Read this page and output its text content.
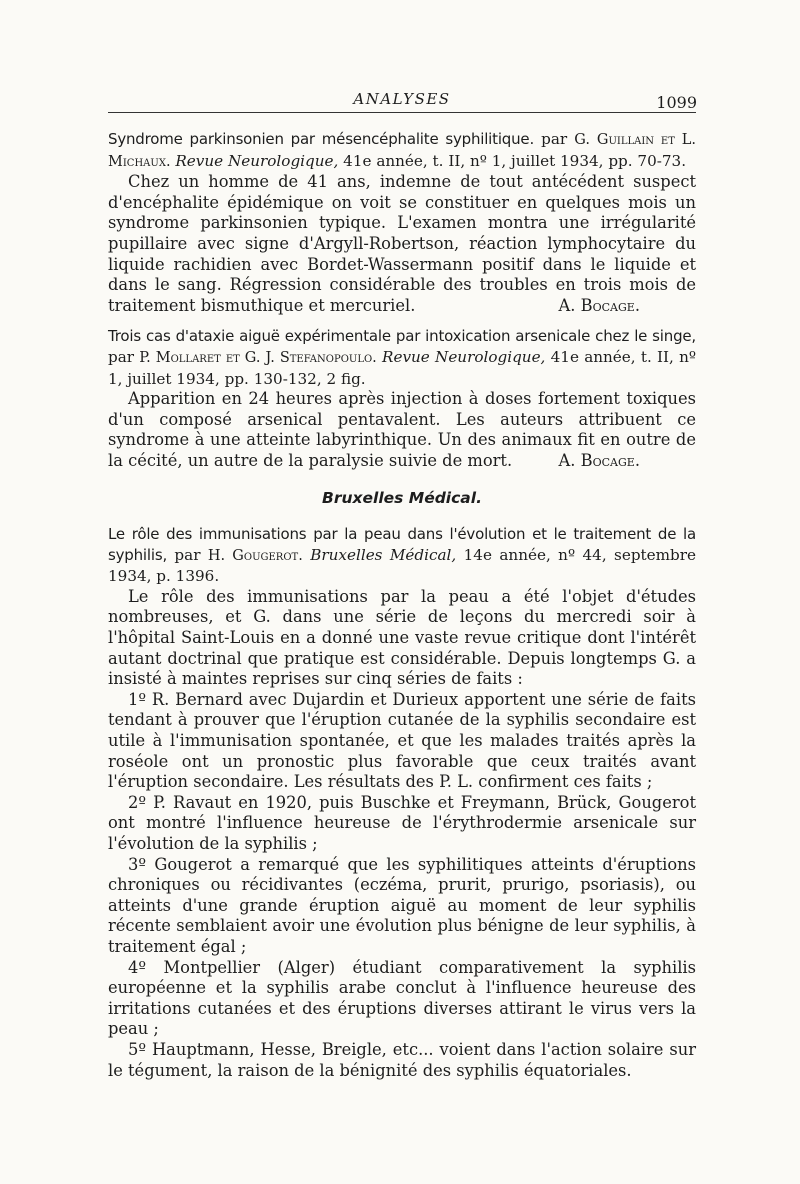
ANALYSES	1099

Syndrome parkinsonien par mésencéphalite syphilitique. par G. Guillain et L. Michaux. Revue Neurologique, 41e année, t. II, nº 1, juillet 1934, pp. 70-73.

Chez un homme de 41 ans, indemne de tout antécédent suspect d'encéphalite épidémique on voit se constituer en quelques mois un syndrome parkinsonien typique. L'examen montra une irrégularité pupillaire avec signe d'Argyll-Robertson, réaction lymphocytaire du liquide rachidien avec Bordet-Wassermann positif dans le liquide et dans le sang. Régression considérable des troubles en trois mois de traitement bismuthique et mercuriel.	A. Bocage.

Trois cas d'ataxie aiguë expérimentale par intoxication arsenicale chez le singe, par P. Mollaret et G. J. Stefanopoulo. Revue Neurologique, 41e année, t. II, nº 1, juillet 1934, pp. 130-132, 2 fig.

Apparition en 24 heures après injection à doses fortement toxiques d'un composé arsenical pentavalent. Les auteurs attribuent ce syndrome à une atteinte labyrinthique. Un des animaux fit en outre de la cécité, un autre de la paralysie suivie de mort.	A. Bocage.

Bruxelles Médical.

Le rôle des immunisations par la peau dans l'évolution et le traitement de la syphilis, par H. Gougerot. Bruxelles Médical, 14e année, nº 44, septembre 1934, p. 1396.

Le rôle des immunisations par la peau a été l'objet d'études nombreuses, et G. dans une série de leçons du mercredi soir à l'hôpital Saint-Louis en a donné une vaste revue critique dont l'intérêt autant doctrinal que pratique est considérable. Depuis longtemps G. a insisté à maintes reprises sur cinq séries de faits :

1º R. Bernard avec Dujardin et Durieux apportent une série de faits tendant à prouver que l'éruption cutanée de la syphilis secondaire est utile à l'immunisation spontanée, et que les malades traités après la roséole ont un pronostic plus favorable que ceux traités avant l'éruption secondaire. Les résultats des P. L. confirment ces faits ;

2º P. Ravaut en 1920, puis Buschke et Freymann, Brück, Gougerot ont montré l'influence heureuse de l'érythrodermie arsenicale sur l'évolution de la syphilis ;

3º Gougerot a remarqué que les syphilitiques atteints d'éruptions chroniques ou récidivantes (eczéma, prurit, prurigo, psoriasis), ou atteints d'une grande éruption aiguë au moment de leur syphilis récente semblaient avoir une évolution plus bénigne de leur syphilis, à traitement égal ;

4º Montpellier (Alger) étudiant comparativement la syphilis européenne et la syphilis arabe conclut à l'influence heureuse des irritations cutanées et des éruptions diverses attirant le virus vers la peau ;

5º Hauptmann, Hesse, Breigle, etc... voient dans l'action solaire sur le tégument, la raison de la bénignité des syphilis équatoriales.
